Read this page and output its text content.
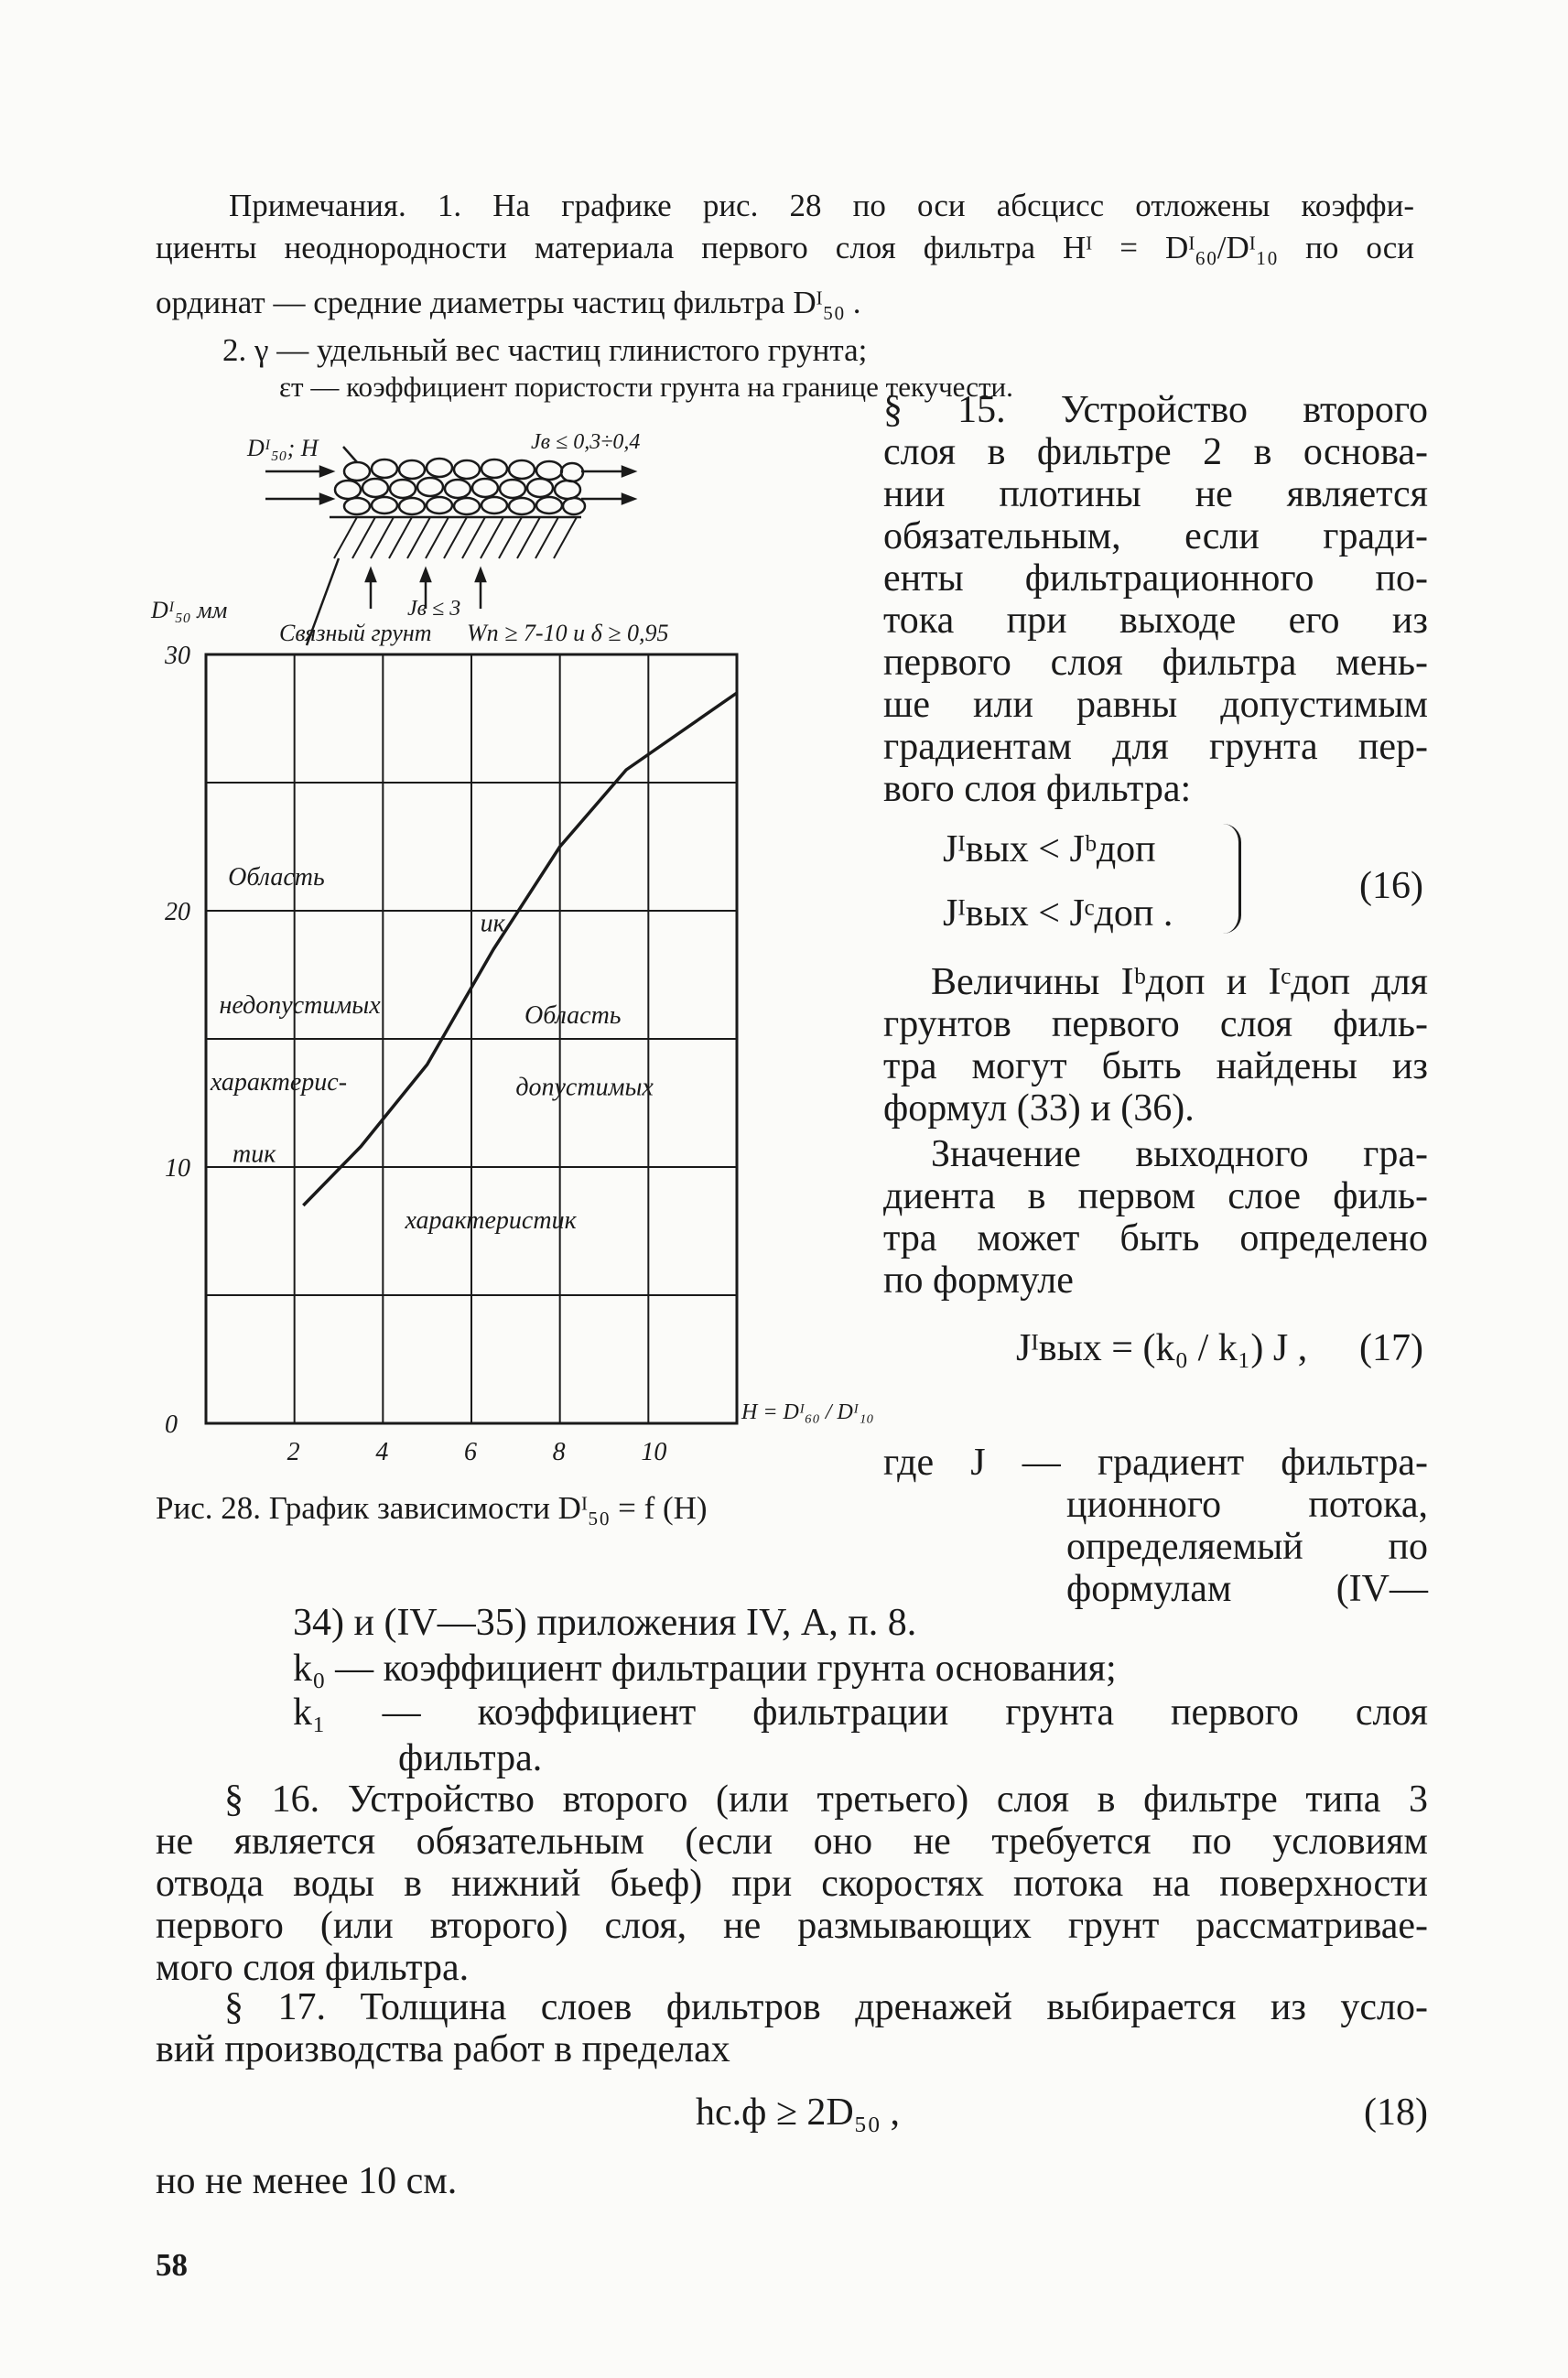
Примечания. 1. На графике рис. 28 по оси абсцисс отложены коэффи-
циенты неоднородности материала первого слоя фильтра Hᴵ = Dᴵ₆₀/Dᴵ₁₀ по оси
ординат — средние диаметры частиц фильтра Dᴵ₅₀ .
2. γ — удельный вес частиц глинистого грунта;
εт — коэффициент пористости грунта на границе текучести.
§ 15. Устройство второго
слоя в фильтре 2 в основа-
нии плотины не является
обязательным, если гради-
енты фильтрационного по-
тока при выходе его из
первого слоя фильтра мень-
ше или равны допустимым
градиентам для грунта пер-
вого слоя фильтра:
Jᴵвых < Jᵇдоп
Jᴵвых < Jᶜдоп .
(16)
Величины Iᵇдоп и Iᶜдоп для
грунтов первого слоя филь-
тра могут быть найдены из
формул (33) и (36).
Значение выходного гра-
диента в первом слое филь-
тра может быть определено
по формуле
Jᴵвых = (k₀ / k₁) J , (17)
где J — градиент фильтра-
ционного потока,
определяемый по
формулам (IV—
Dᴵ₅₀; H	Jв ≤ 0,3÷0,4
Jв ≤ 3
Связный грунт Wп ≥ 7-10 и δ ≥ 0,95
2	4	6	8	10
0
10
20
30
Dᴵ₅₀ мм
H = Dᴵ₆₀ / Dᴵ₁₀
Область
недопустимых
характерис-
тик
ик
Область
допустимых
характеристик
Рис. 28. График зависимости Dᴵ₅₀ = f (H)
34) и (IV—35) приложения IV, А, п. 8.
k₀ — коэффициент фильтрации грунта основания;
k₁ — коэффициент фильтрации грунта первого слоя
фильтра.
§ 16. Устройство второго (или третьего) слоя в фильтре типа 3
не является обязательным (если оно не требуется по условиям
отвода воды в нижний бьеф) при скоростях потока на поверхности
первого (или второго) слоя, не размывающих грунт рассматривае-
мого слоя фильтра.
§ 17. Толщина слоев фильтров дренажей выбирается из усло-
вий производства работ в пределах
hс.ф ≥ 2D₅₀ ,	(18)
но не менее 10 см.
58
